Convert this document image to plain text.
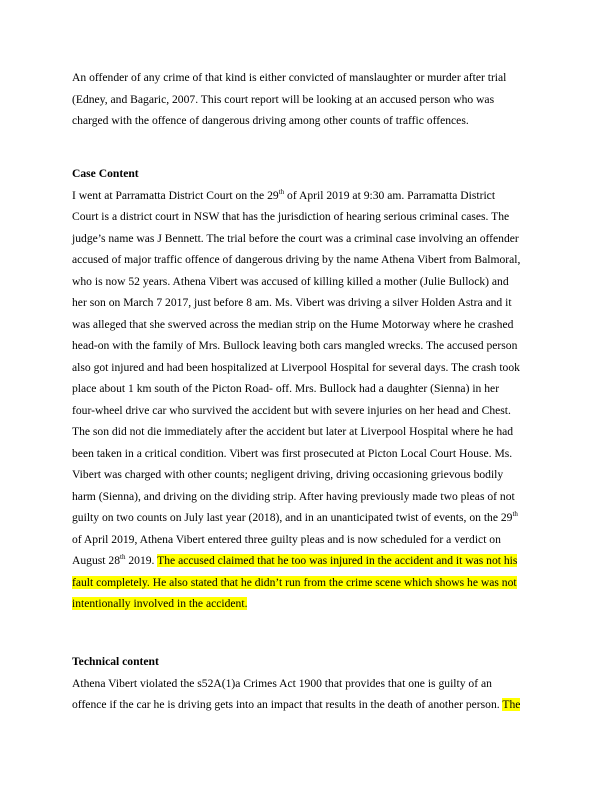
An offender of any crime of that kind is either convicted of manslaughter or murder after trial
(Edney, and Bagaric, 2007. This court report will be looking at an accused person who was
charged with the offence of dangerous driving among other counts of traffic offences.
Case Content
I went at Parramatta District Court on the 29th of April 2019 at 9:30 am. Parramatta District
Court is a district court in NSW that has the jurisdiction of hearing serious criminal cases. The
judge’s name was J Bennett. The trial before the court was a criminal case involving an offender
accused of major traffic offence of dangerous driving by the name Athena Vibert from Balmoral,
who is now 52 years. Athena Vibert was accused of killing killed a mother (Julie Bullock) and
her son on March 7 2017, just before 8 am. Ms. Vibert was driving a silver Holden Astra and it
was alleged that she swerved across the median strip on the Hume Motorway where he crashed
head-on with the family of Mrs. Bullock leaving both cars mangled wrecks. The accused person
also got injured and had been hospitalized at Liverpool Hospital for several days. The crash took
place about 1 km south of the Picton Road- off. Mrs. Bullock had a daughter (Sienna) in her
four-wheel drive car who survived the accident but with severe injuries on her head and Chest.
The son did not die immediately after the accident but later at Liverpool Hospital where he had
been taken in a critical condition. Vibert was first prosecuted at Picton Local Court House. Ms.
Vibert was charged with other counts; negligent driving, driving occasioning grievous bodily
harm (Sienna), and driving on the dividing strip. After having previously made two pleas of not
guilty on two counts on July last year (2018), and in an unanticipated twist of events, on the 29th
of April 2019, Athena Vibert entered three guilty pleas and is now scheduled for a verdict on
August 28th 2019. The accused claimed that he too was injured in the accident and it was not his
fault completely. He also stated that he didn’t run from the crime scene which shows he was not
intentionally involved in the accident.
Technical content
Athena Vibert violated the s52A(1)a Crimes Act 1900 that provides that one is guilty of an
offence if the car he is driving gets into an impact that results in the death of another person. The
